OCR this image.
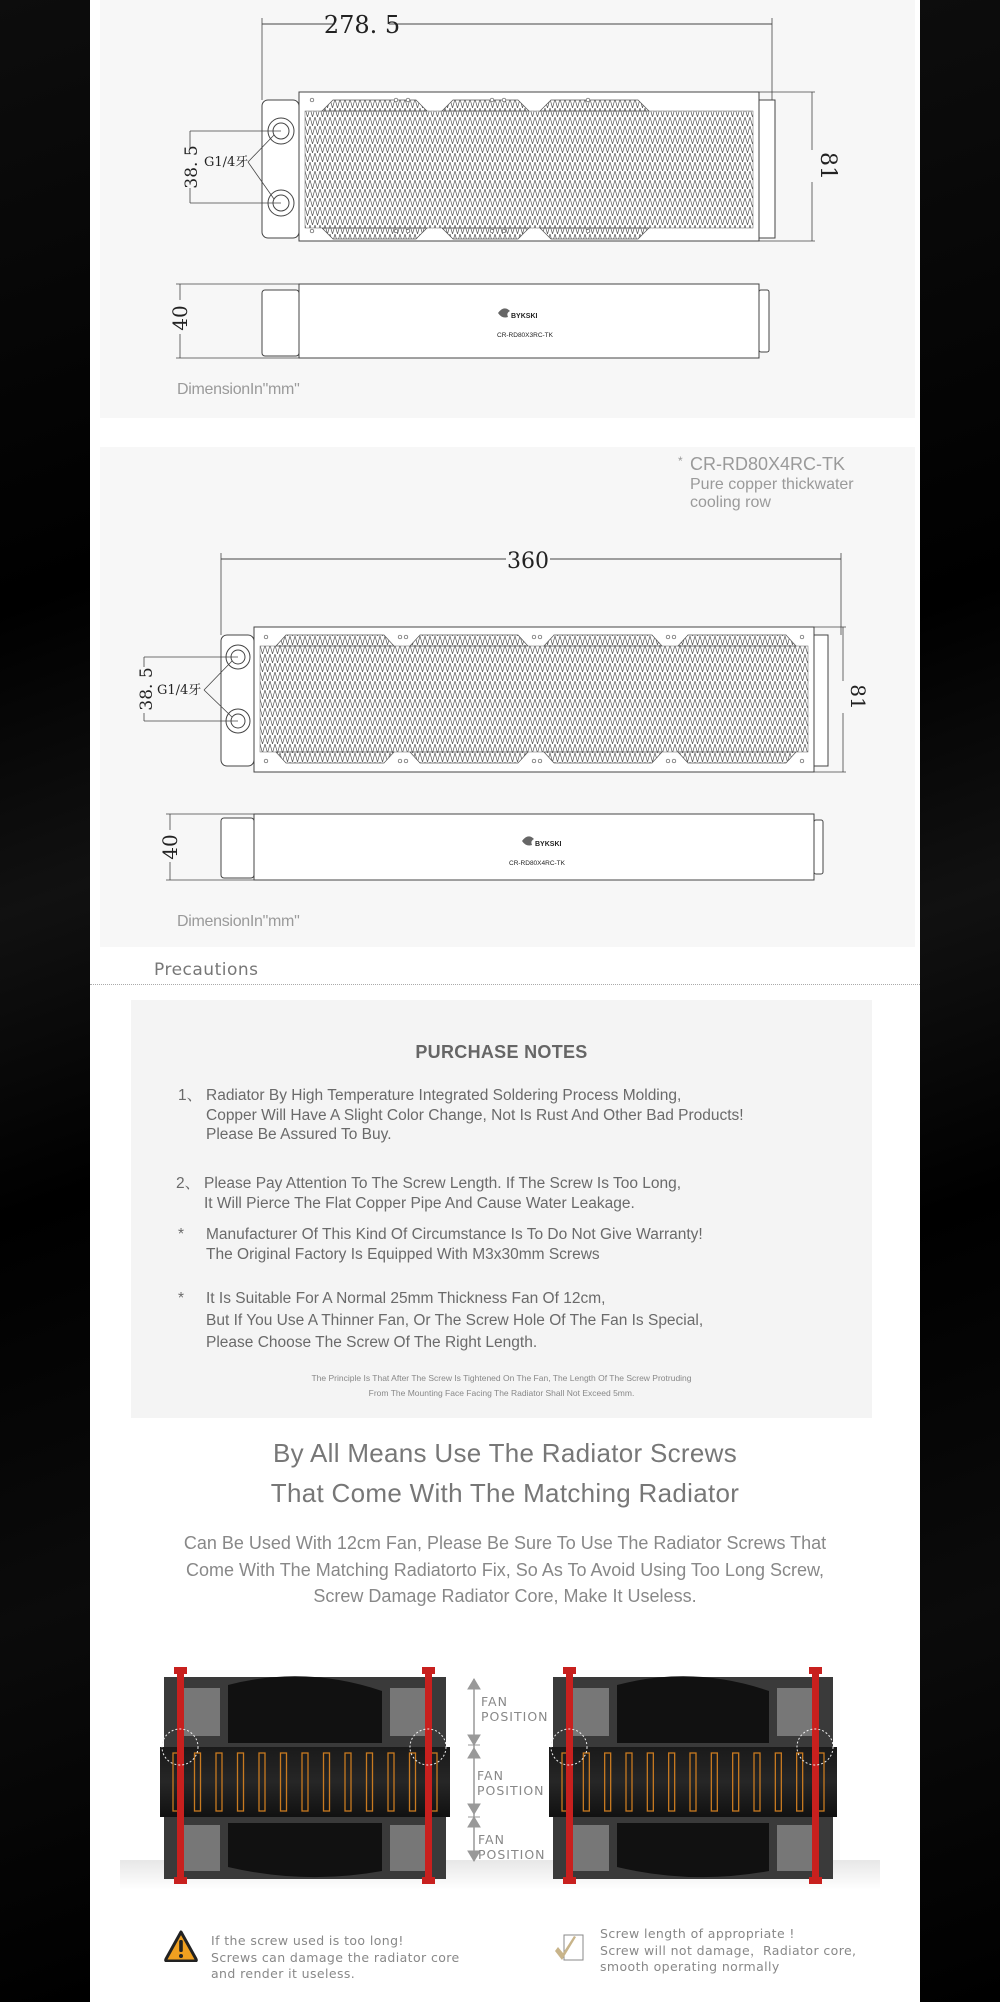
278. 5
81
38. 5 G1/4牙
40	BYKSKI
CR-RD80X3RC-TK
DimensionIn"mm"
360
81
38. 5 G1/4牙
40	BYKSKI
CR-RD80X4RC-TK
DimensionIn"mm"
* CR-RD80X4RC-TK
Pure copper thickwater
cooling row
Precautions
PURCHASE NOTES
1、 Radiator By High Temperature Integrated Soldering Process Molding,
Copper Will Have A Slight Color Change, Not Is Rust And Other Bad Products!
Please Be Assured To Buy.
2、 Please Pay Attention To The Screw Length. If The Screw Is Too Long,
It Will Pierce The Flat Copper Pipe And Cause Water Leakage.
* Manufacturer Of This Kind Of Circumstance Is To Do Not Give Warranty!
The Original Factory Is Equipped With M3x30mm Screws
* It Is Suitable For A Normal 25mm Thickness Fan Of 12cm,
But If You Use A Thinner Fan, Or The Screw Hole Of The Fan Is Special,
Please Choose The Screw Of The Right Length.
The Principle Is That After The Screw Is Tightened On The Fan, The Length Of The Screw Protruding
From The Mounting Face Facing The Radiator Shall Not Exceed 5mm.
By All Means Use The Radiator Screws
That Come With The Matching Radiator
Can Be Used With 12cm Fan, Please Be Sure To Use The Radiator Screws That
Come With The Matching Radiatorto Fix, So As To Avoid Using Too Long Screw,
Screw Damage Radiator Core, Make It Useless.
FAN
POSITION
FAN
POSITION
FAN
POSITION
If the screw used is too long!
Screws can damage the radiator core
and render it useless.
Screw length of appropriate !
Screw will not damage，Radiator core,
smooth operating normally
